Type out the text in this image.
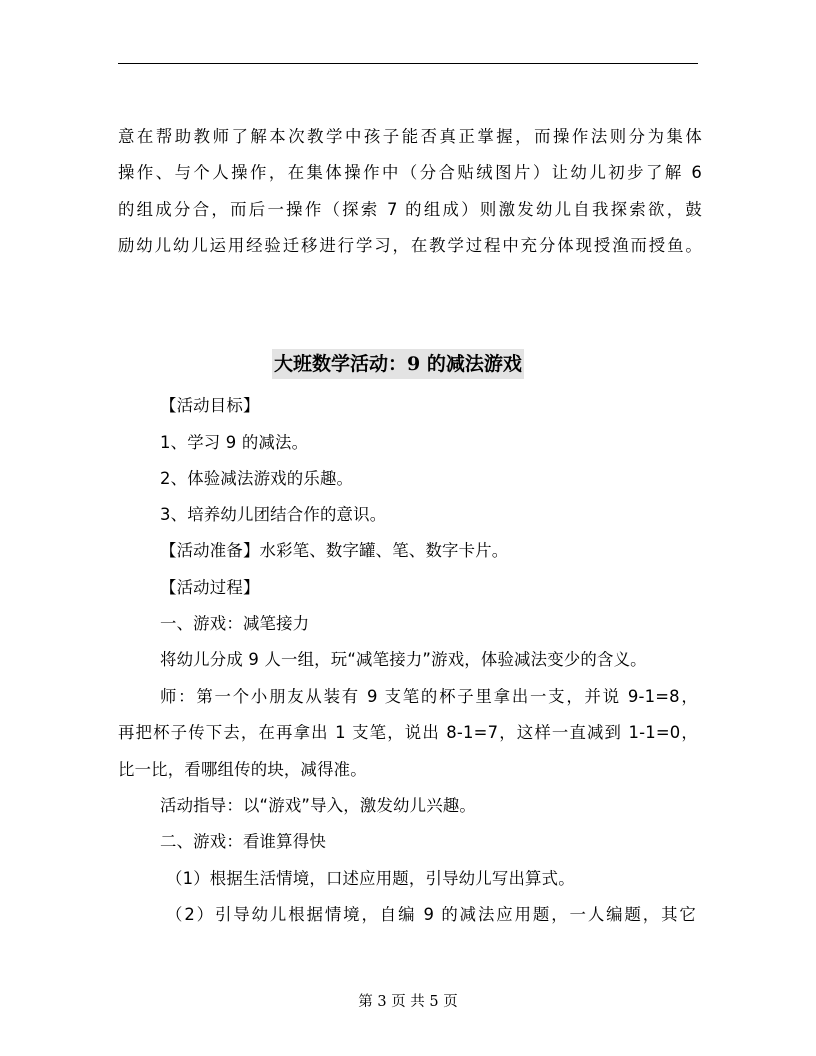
意在帮助教师了解本次教学中孩子能否真正掌握，而操作法则分为集体
操作、与个人操作，在集体操作中（分合贴绒图片）让幼儿初步了解 6
的组成分合，而后一操作（探索 7 的组成）则激发幼儿自我探索欲，鼓
励幼儿幼儿运用经验迁移进行学习，在教学过程中充分体现授渔而授鱼。
大班数学活动：9 的减法游戏
【活动目标】
1、学习 9 的减法。
2、体验减法游戏的乐趣。
3、培养幼儿团结合作的意识。
【活动准备】水彩笔、数字罐、笔、数字卡片。
【活动过程】
一、游戏：减笔接力
将幼儿分成 9 人一组，玩“减笔接力”游戏，体验减法变少的含义。
师：第一个小朋友从装有 9 支笔的杯子里拿出一支，并说 9-1=8，
再把杯子传下去，在再拿出 1 支笔，说出 8-1=7，这样一直减到 1-1=0，
比一比，看哪组传的块，减得准。
活动指导：以“游戏”导入，激发幼儿兴趣。
二、游戏：看谁算得快
（1）根据生活情境，口述应用题，引导幼儿写出算式。
（2）引导幼儿根据情境，自编 9 的减法应用题，一人编题，其它
第 3 页 共 5 页
